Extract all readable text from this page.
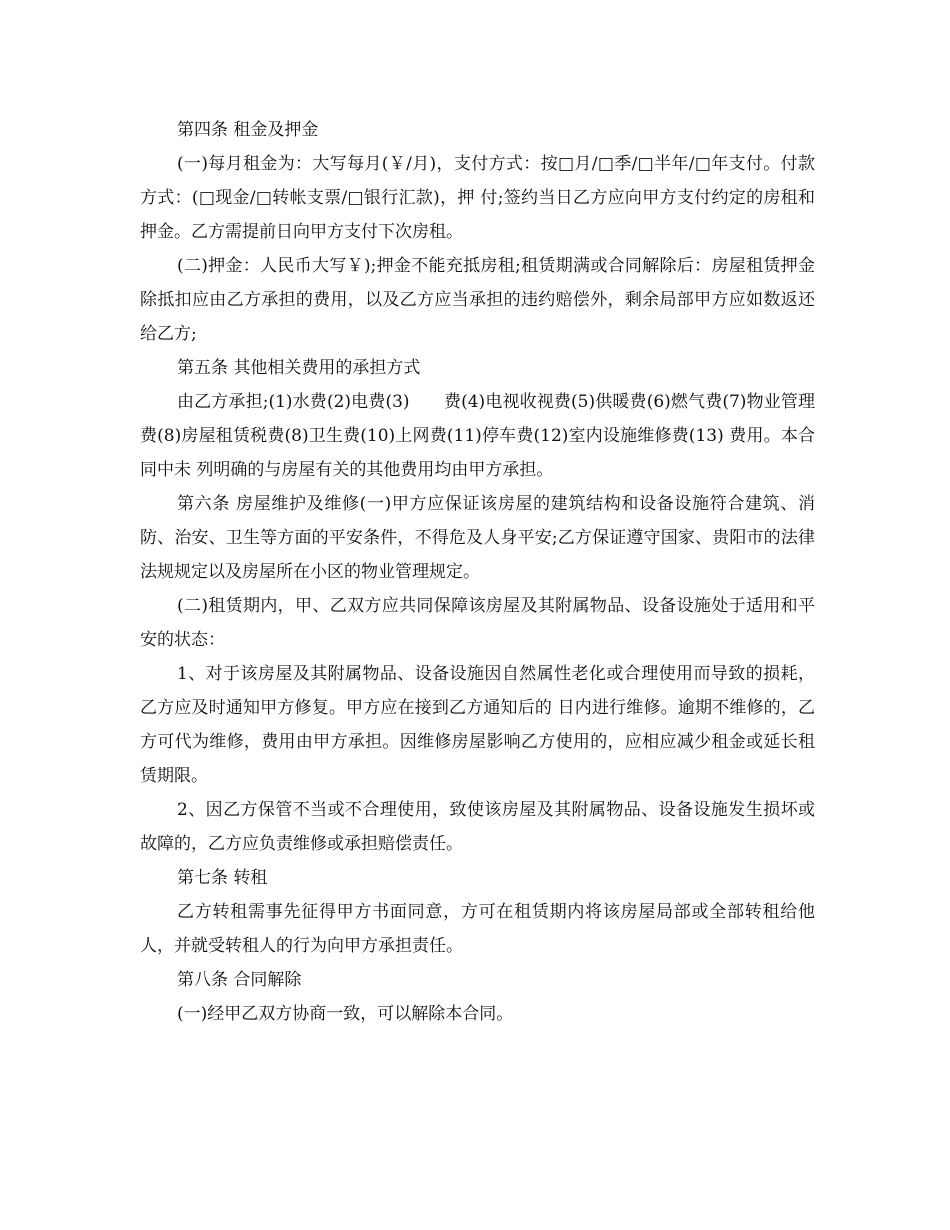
第四条 租金及押金

(一)每月租金为：大写每月(￥/月)，支付方式：按□月/□季/□半年/□年支付。付款方式：(□现金/□转帐支票/□银行汇款)，押 付;签约当日乙方应向甲方支付约定的房租和押金。乙方需提前日向甲方支付下次房租。

(二)押金：人民币大写￥);押金不能充抵房租;租赁期满或合同解除后：房屋租赁押金除抵扣应由乙方承担的费用，以及乙方应当承担的违约赔偿外，剩余局部甲方应如数返还给乙方;

第五条 其他相关费用的承担方式

由乙方承担;(1)水费(2)电费(3)　　费(4)电视收视费(5)供暖费(6)燃气费(7)物业管理费(8)房屋租赁税费(8)卫生费(10)上网费(11)停车费(12)室内设施维修费(13) 费用。本合同中未 列明确的与房屋有关的其他费用均由甲方承担。

第六条 房屋维护及维修(一)甲方应保证该房屋的建筑结构和设备设施符合建筑、消防、治安、卫生等方面的平安条件，不得危及人身平安;乙方保证遵守国家、贵阳市的法律法规规定以及房屋所在小区的物业管理规定。

(二)租赁期内，甲、乙双方应共同保障该房屋及其附属物品、设备设施处于适用和平安的状态：

1、对于该房屋及其附属物品、设备设施因自然属性老化或合理使用而导致的损耗，乙方应及时通知甲方修复。甲方应在接到乙方通知后的 日内进行维修。逾期不维修的，乙方可代为维修，费用由甲方承担。因维修房屋影响乙方使用的，应相应减少租金或延长租赁期限。

2、因乙方保管不当或不合理使用，致使该房屋及其附属物品、设备设施发生损坏或故障的，乙方应负责维修或承担赔偿责任。

第七条 转租

乙方转租需事先征得甲方书面同意，方可在租赁期内将该房屋局部或全部转租给他人，并就受转租人的行为向甲方承担责任。

第八条 合同解除

(一)经甲乙双方协商一致，可以解除本合同。
